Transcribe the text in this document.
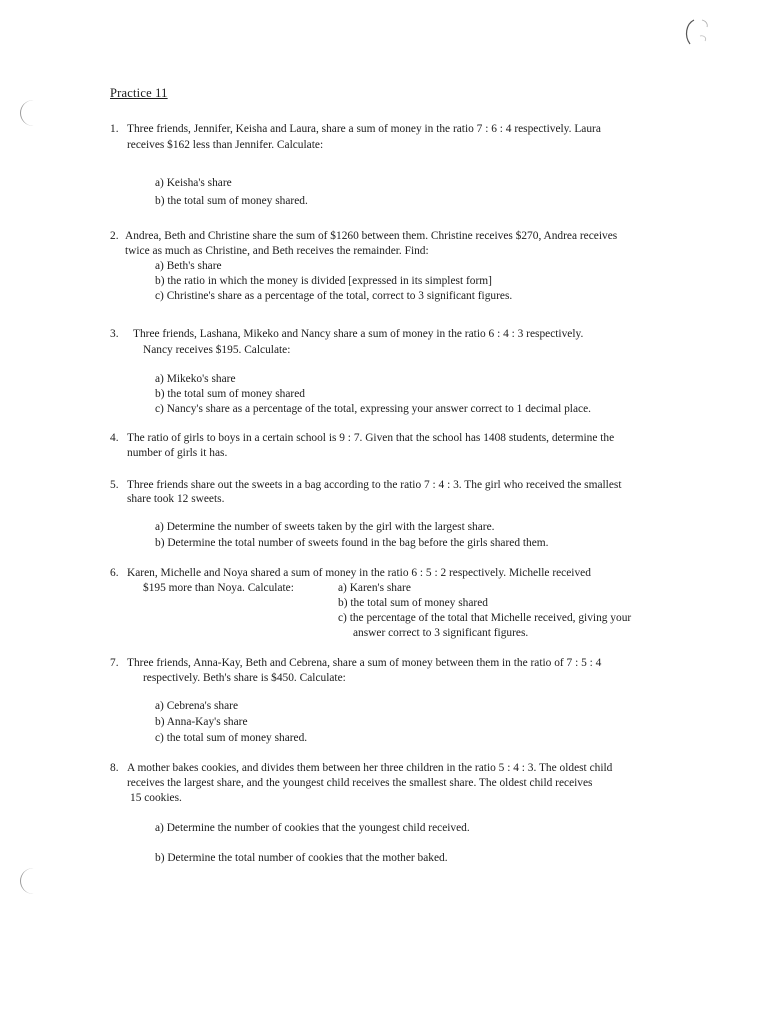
Practice 11
1. Three friends, Jennifer, Keisha and Laura, share a sum of money in the ratio 7 : 6 : 4 respectively. Laura
receives $162 less than Jennifer. Calculate:
a) Keisha's share
b) the total sum of money shared.
2. Andrea, Beth and Christine share the sum of $1260 between them. Christine receives $270, Andrea receives
twice as much as Christine, and Beth receives the remainder. Find:
a) Beth's share
b) the ratio in which the money is divided [expressed in its simplest form]
c) Christine's share as a percentage of the total, correct to 3 significant figures.
3. Three friends, Lashana, Mikeko and Nancy share a sum of money in the ratio 6 : 4 : 3 respectively.
Nancy receives $195. Calculate:
a) Mikeko's share
b) the total sum of money shared
c) Nancy's share as a percentage of the total, expressing your answer correct to 1 decimal place.
4. The ratio of girls to boys in a certain school is 9 : 7. Given that the school has 1408 students, determine the
number of girls it has.
5. Three friends share out the sweets in a bag according to the ratio 7 : 4 : 3. The girl who received the smallest
share took 12 sweets.
a) Determine the number of sweets taken by the girl with the largest share.
b) Determine the total number of sweets found in the bag before the girls shared them.
6. Karen, Michelle and Noya shared a sum of money in the ratio 6 : 5 : 2 respectively. Michelle received
$195 more than Noya. Calculate:	a) Karen's share
b) the total sum of money shared
c) the percentage of the total that Michelle received, giving your
answer correct to 3 significant figures.
7. Three friends, Anna-Kay, Beth and Cebrena, share a sum of money between them in the ratio of 7 : 5 : 4
respectively. Beth's share is $450. Calculate:
a) Cebrena's share
b) Anna-Kay's share
c) the total sum of money shared.
8. A mother bakes cookies, and divides them between her three children in the ratio 5 : 4 : 3. The oldest child
receives the largest share, and the youngest child receives the smallest share. The oldest child receives
15 cookies.
a) Determine the number of cookies that the youngest child received.
b) Determine the total number of cookies that the mother baked.
